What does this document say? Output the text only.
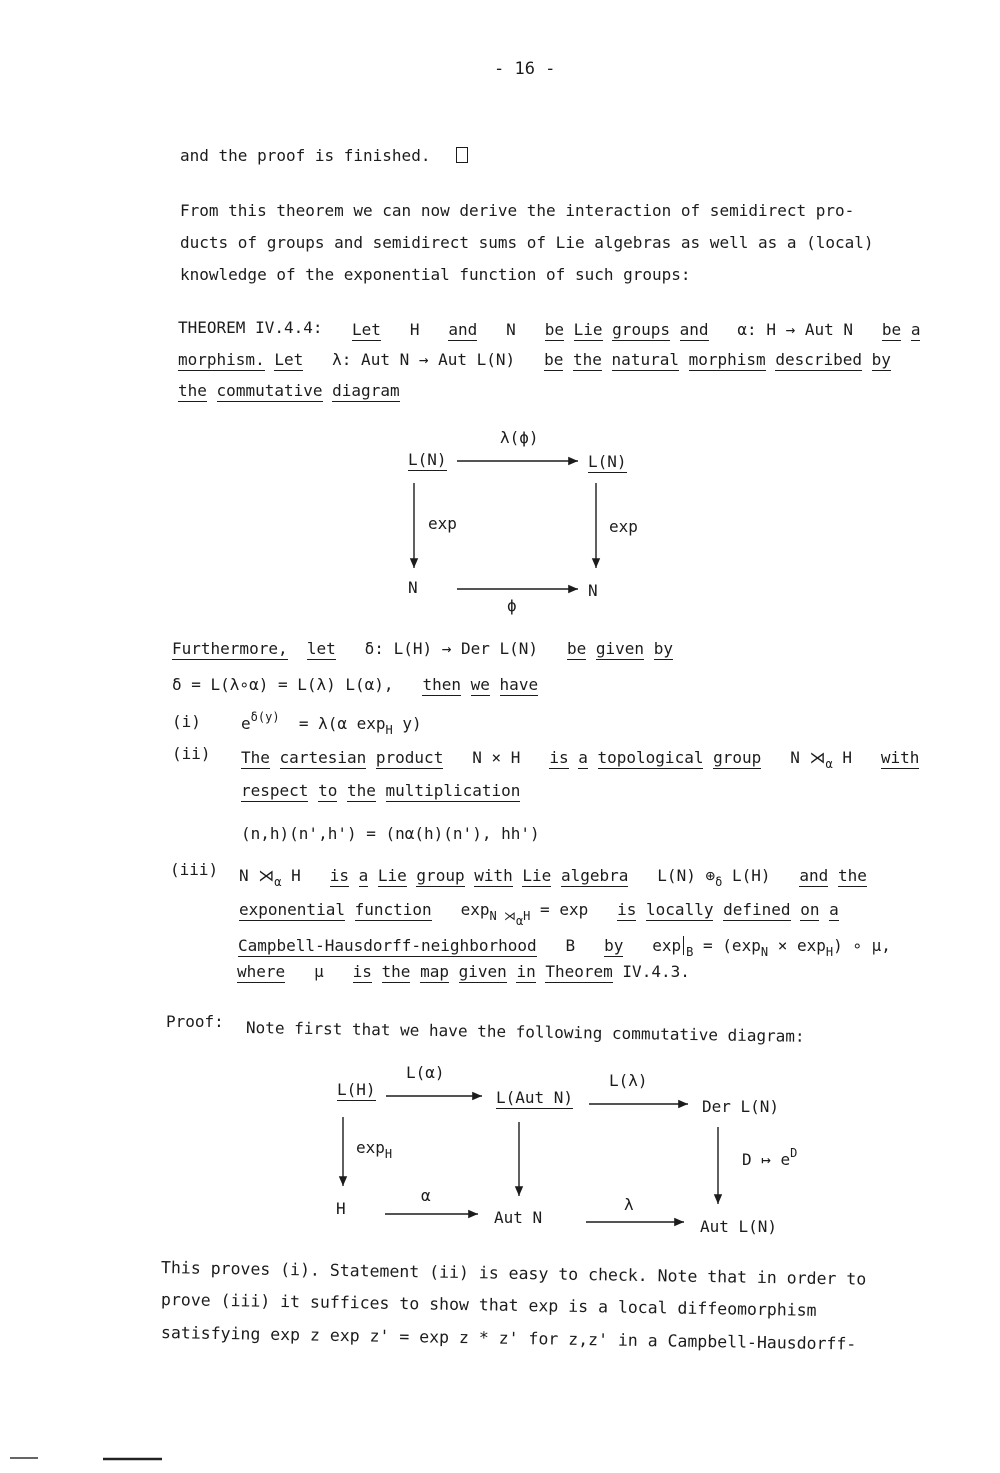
- 16 -
and the proof is finished.
From this theorem we can now derive the interaction of semidirect pro-
ducts of groups and semidirect sums of Lie algebras as well as a (local)
knowledge of the exponential function of such groups:
THEOREM IV.4.4: Let H and N be Lie groups and α: H → Aut N be a
morphism. Let λ: Aut N → Aut L(N) be the natural morphism described by
the commutative diagram
λ(ϕ)
L(N)	L(N)
exp	exp
N	N
ϕ
Furthermore, let δ: L(H) → Der L(N) be given by
δ = L(λ∘α) = L(λ) L(α), then we have
(i)	$e^{\delta(y)} = \lambda(\alpha$ $\exp_H y$)
(ii) The cartesian product N × H is a topological group N $⋊_\alpha$ H with
respect to the multiplication
(n,h)(n',h') = (nα(h)(n'), hh')
(iii) N $⋊_\alpha$ H is a Lie group with Lie algebra L(N) $\oplus_\delta$ L(H) and the
exponential function $\exp_{N ⋊\alpha H} = \exp$ is locally defined on a
Campbell-Hausdorff-neighborhood B by $\exp _B = (\exp_N \times \exp_H)$ ∘ μ,
where μ is the map given in Theorem IV.4.3.
Proof: Note first that we have the following commutative diagram:
L(α)	L(λ)
L(H)	L(Aut N)	Der L(N)
$\exp_H$	D ↦ $e^D$
α	λ
H	Aut N	Aut L(N)
This proves (i). Statement (ii) is easy to check. Note that in order to
prove (iii) it suffices to show that exp is a local diffeomorphism
satisfying exp z exp z' = exp z * z' for z,z' in a Campbell-Hausdorff-
